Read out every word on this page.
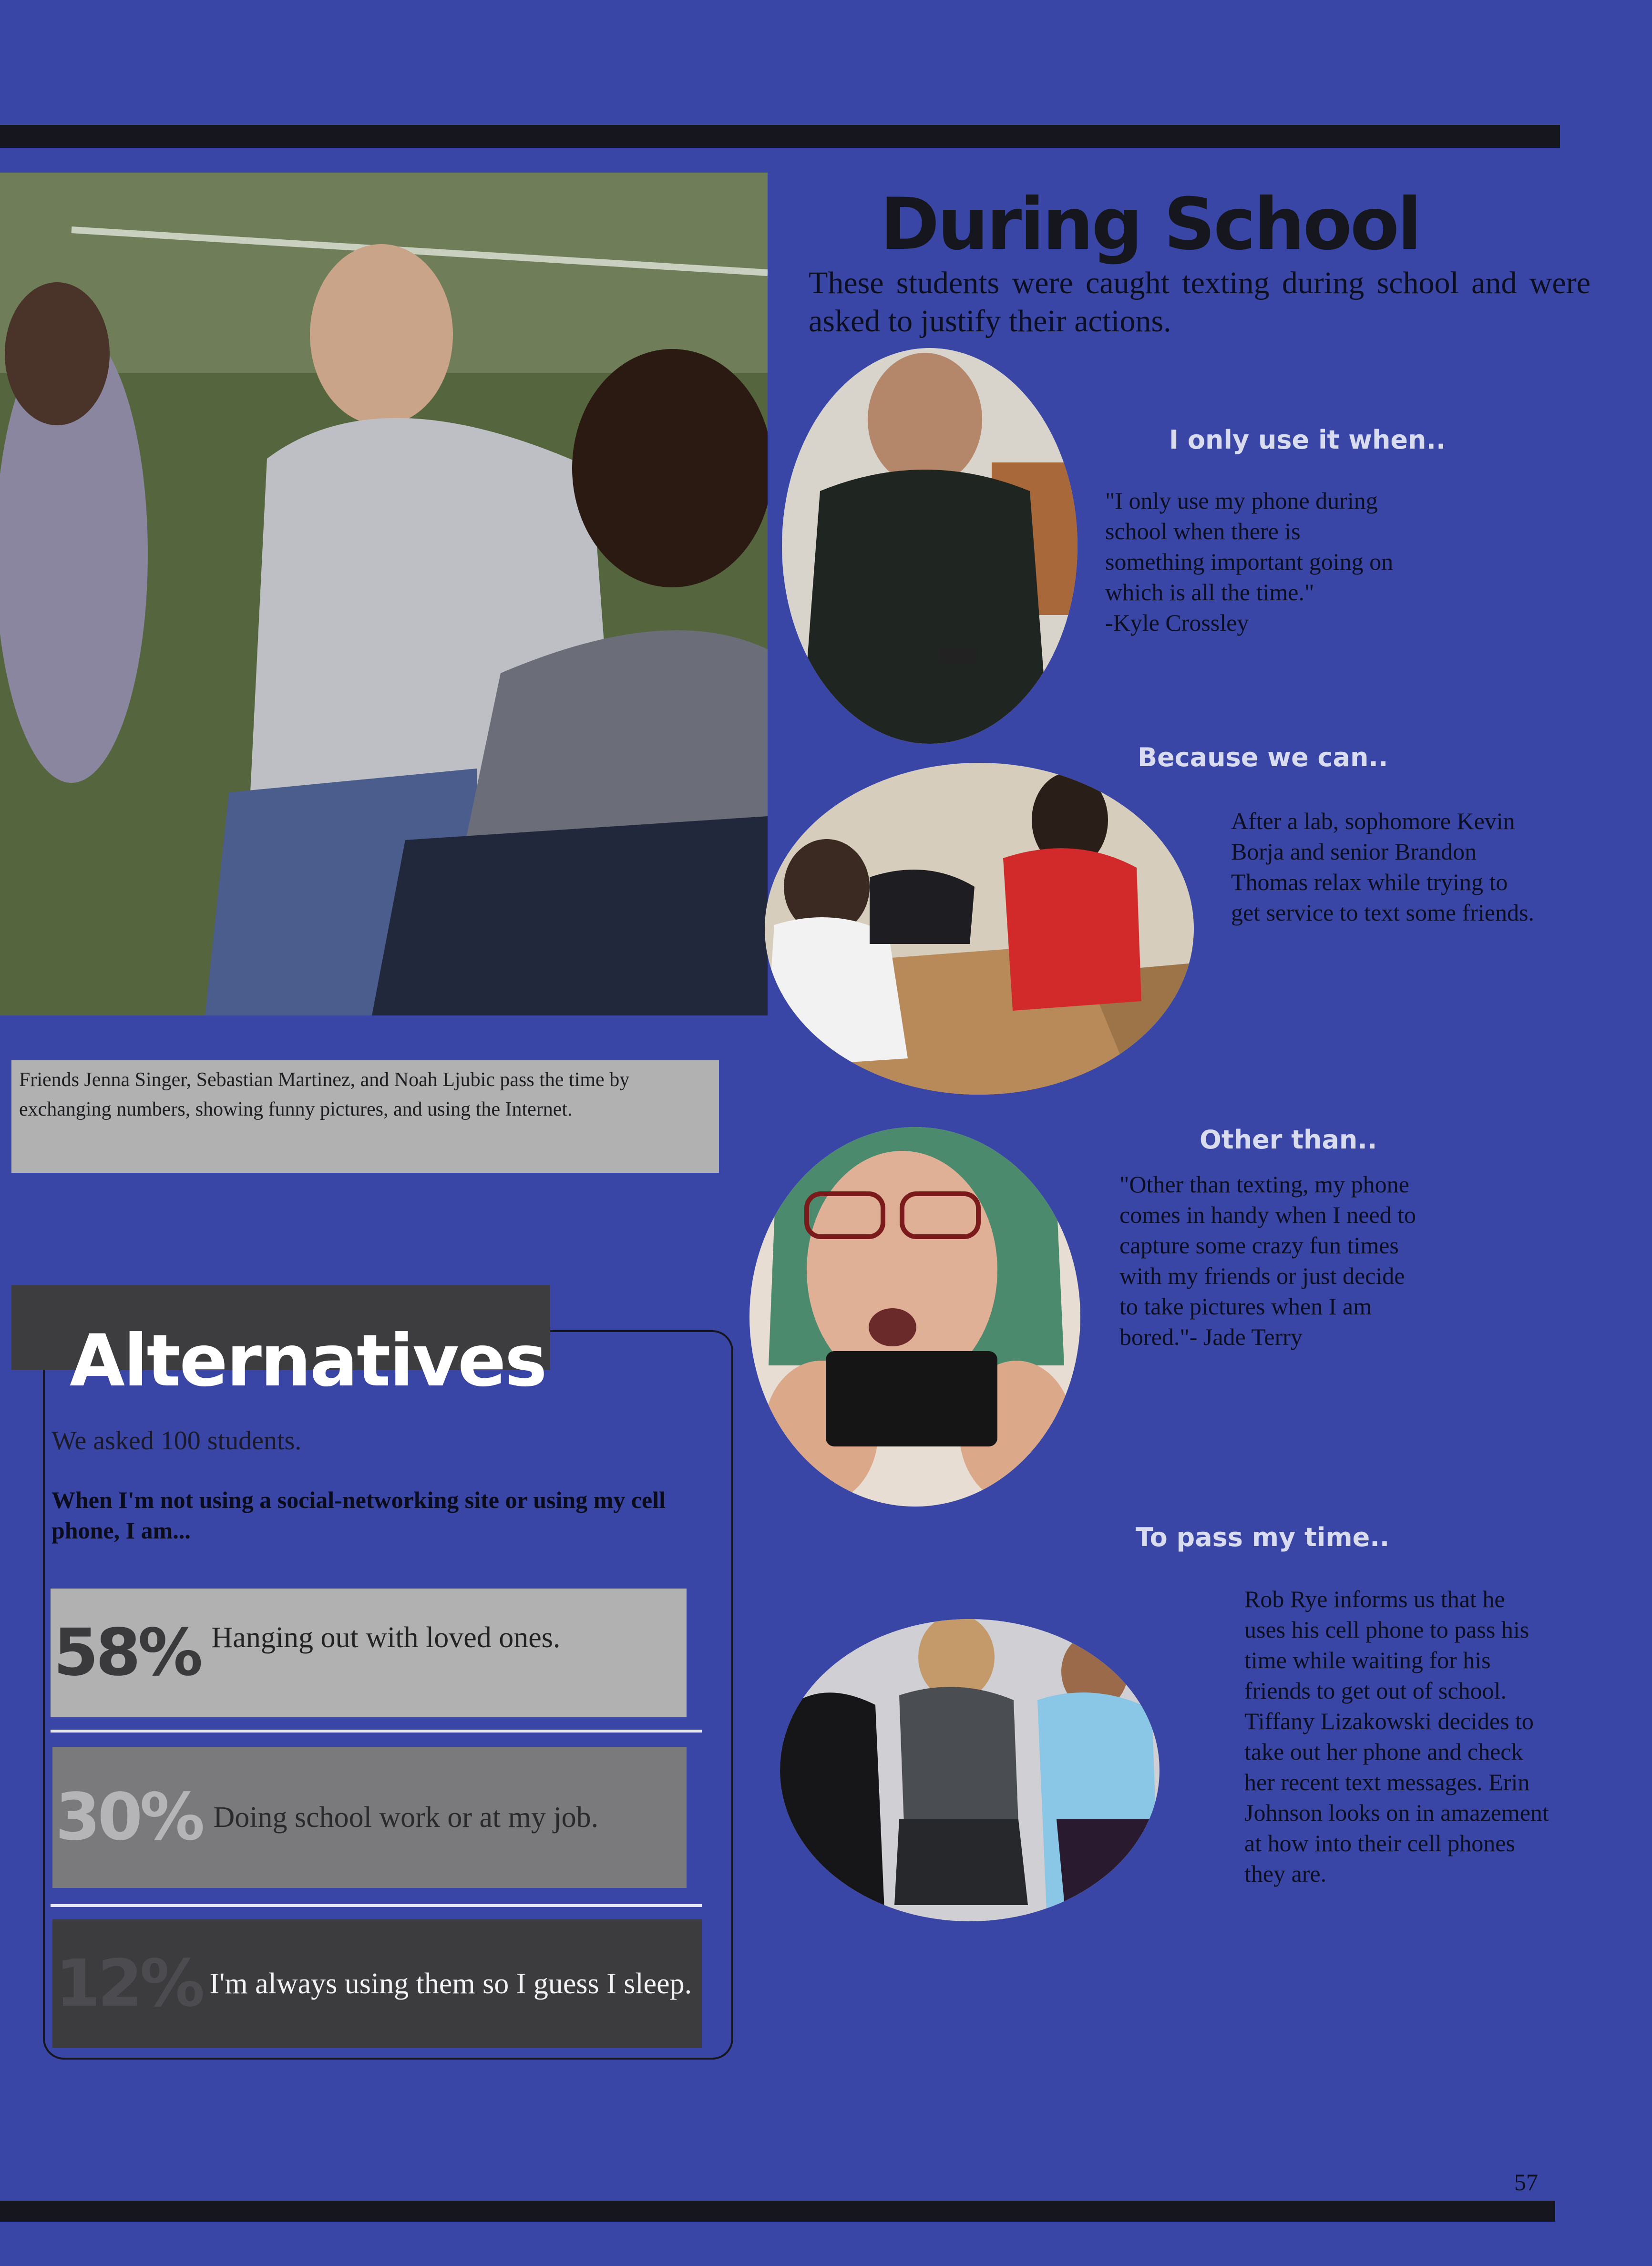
Friends Jenna Singer, Sebastian Martinez, and Noah Ljubic pass the time by exchanging numbers, showing funny pictures, and using the Internet.
During School
These students were caught texting during school and were asked to justify their actions.
I only use it when..
"I only use my phone during
school when there is
something important going on
which is all the time."
-Kyle Crossley
Because we can..
After a lab, sophomore Kevin
Borja and senior Brandon
Thomas relax while trying to
get service to text some friends.
Other than..
"Other than texting, my phone
comes in handy when I need to
capture some crazy fun times
with my friends or just decide
to take pictures when I am
bored."- Jade Terry
To pass my time..
Rob Rye informs us that he
uses his cell phone to pass his
time while waiting for his
friends to get out of school.
Tiffany Lizakowski decides to
take out her phone and check
her recent text messages. Erin
Johnson looks on in amazement
at how into their cell phones
they are.
Alternatives
We asked 100 students.
When I'm not using a social-networking site or using my cell phone, I am...
58% Hanging out with loved ones.
30% Doing school work or at my job.
12% I'm always using them so I guess I sleep.
57
